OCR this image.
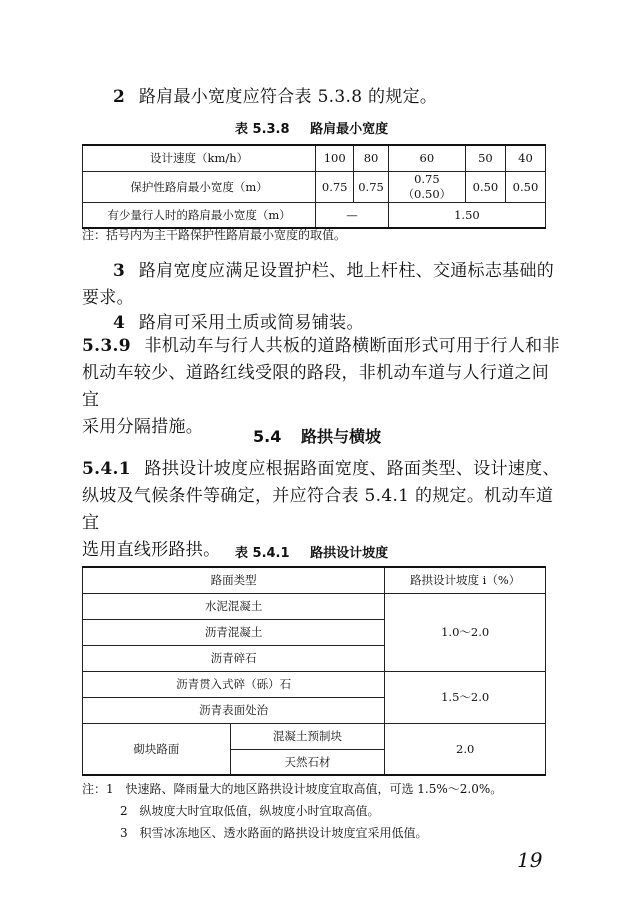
2 路肩最小宽度应符合表 5.3.8 的规定。
表 5.3.8 路肩最小宽度
设计速度（km/h）	100	80	60	50	40
保护性路肩最小宽度（m）	0.75	0.75	0.75（0.50）	0.50	0.50
有少量行人时的路肩最小宽度（m）	—		1.50		
注：括号内为主干路保护性路肩最小宽度的取值。
3 路肩宽度应满足设置护栏、地上杆柱、交通标志基础的
要求。
4 路肩可采用土质或简易铺装。
5.3.9 非机动车与行人共板的道路横断面形式可用于行人和非
机动车较少、道路红线受限的路段，非机动车道与人行道之间宜
采用分隔措施。	5.4 路拱与横坡
5.4.1 路拱设计坡度应根据路面宽度、路面类型、设计速度、
纵坡及气候条件等确定，并应符合表 5.4.1 的规定。机动车道宜
选用直线形路拱。	表 5.4.1 路拱设计坡度
路面类型		路拱设计坡度 i（%）
水泥混凝土		1.0～2.0
沥青混凝土		
沥青碎石		
沥青贯入式碎（砾）石		1.5～2.0
沥青表面处治		
砌块路面	混凝土预制块	2.0
	天然石材	
注：1 快速路、降雨量大的地区路拱设计坡度宜取高值，可选 1.5%～2.0%。
2 纵坡度大时宜取低值，纵坡度小时宜取高值。
3 积雪冰冻地区、透水路面的路拱设计坡度宜采用低值。
19
